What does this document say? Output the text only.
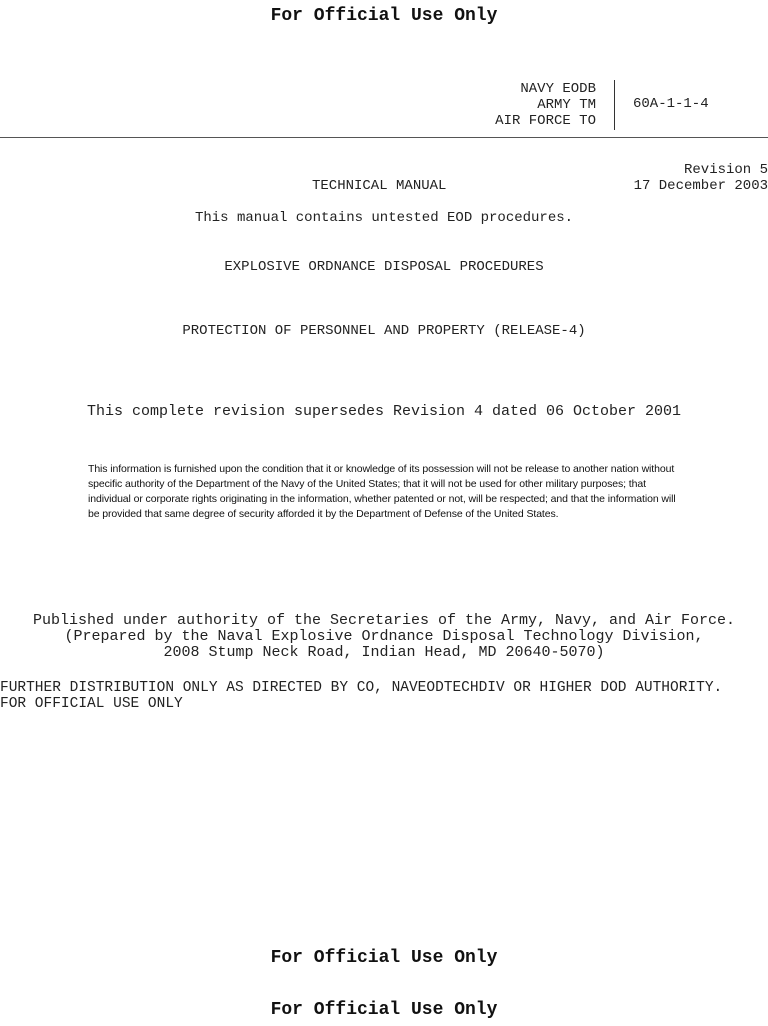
For Official Use Only

NAVY EODB
ARMY TM
AIR FORCE TO
60A-1-1-4
Revision 5
17 December 2003
TECHNICAL MANUAL
This manual contains untested EOD procedures.
EXPLOSIVE ORDNANCE DISPOSAL PROCEDURES
PROTECTION OF PERSONNEL AND PROPERTY (RELEASE-4)
This complete revision supersedes Revision 4 dated 06 October 2001
This information is furnished upon the condition that it or knowledge of its possession will not be release to another nation without specific authority of the Department of the Navy of the United States; that it will not be used for other military purposes; that individual or corporate rights originating in the information, whether patented or not, will be respected; and that the information will be provided that same degree of security afforded it by the Department of Defense of the United States.
Published under authority of the Secretaries of the Army, Navy, and Air Force.
(Prepared by the Naval Explosive Ordnance Disposal Technology Division,
2008 Stump Neck Road, Indian Head, MD 20640-5070)
FURTHER DISTRIBUTION ONLY AS DIRECTED BY CO, NAVEODTECHDIV OR HIGHER DOD AUTHORITY.
FOR OFFICIAL USE ONLY
For Official Use Only
For Official Use Only
